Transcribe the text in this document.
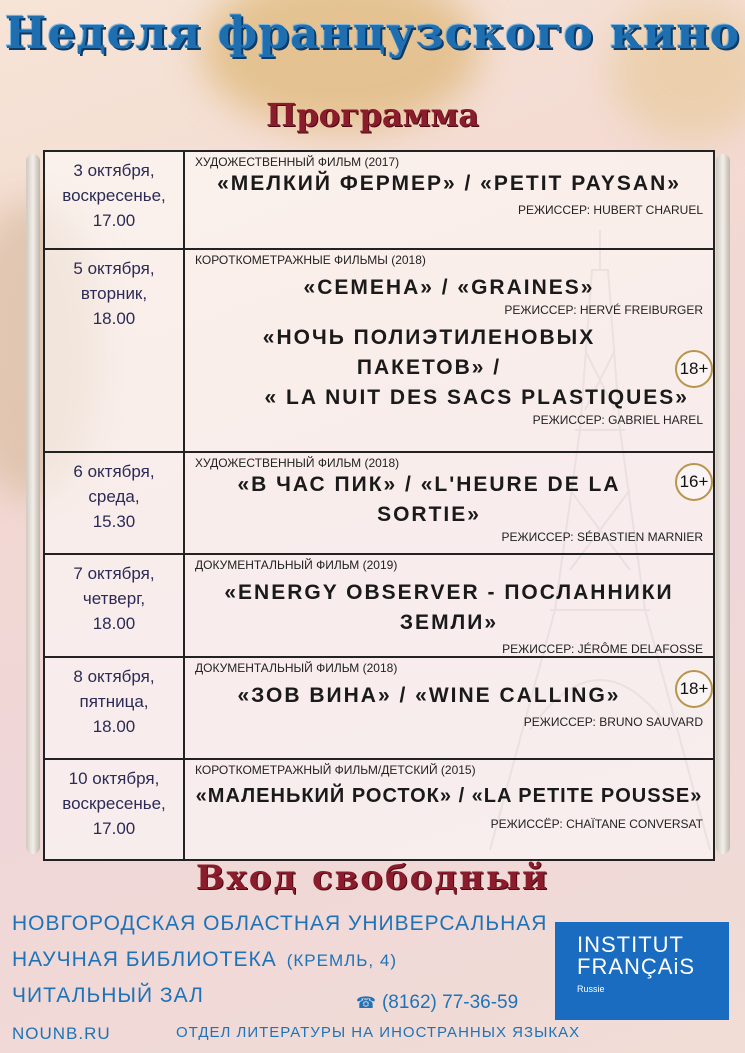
Неделя французского кино
Программа
3 октября,
воскресенье,
17.00
ХУДОЖЕСТВЕННЫЙ ФИЛЬМ (2017)
«МЕЛКИЙ ФЕРМЕР» / «PETIT PAYSAN»
РЕЖИССЕР: HUBERT CHARUEL
5 октября,
вторник,
18.00
КОРОТКОМЕТРАЖНЫЕ ФИЛЬМЫ (2018)
«СЕМЕНА» / «GRAINES»
РЕЖИССЕР: HERVÉ FREIBURGER
«НОЧЬ ПОЛИЭТИЛЕНОВЫХ ПАКЕТОВ» /
« LA NUIT DES SACS PLASTIQUES»
РЕЖИССЕР: GABRIEL HAREL
18+
6 октября,
среда,
15.30
ХУДОЖЕСТВЕННЫЙ ФИЛЬМ (2018)
«В ЧАС ПИК» / «L'HEURE DE LA SORTIE»
РЕЖИССЕР: SÉBASTIEN MARNIER
16+
7 октября,
четверг,
18.00
ДОКУМЕНТАЛЬНЫЙ ФИЛЬМ (2019)
«ENERGY OBSERVER - ПОСЛАННИКИ ЗЕМЛИ»
РЕЖИССЕР: JÉRÔME DELAFOSSE
8 октября,
пятница,
18.00
ДОКУМЕНТАЛЬНЫЙ ФИЛЬМ (2018)
«ЗОВ ВИНА» / «WINE CALLING»
РЕЖИССЕР: BRUNO SAUVARD
18+
10 октября,
воскресенье,
17.00
КОРОТКОМЕТРАЖНЫЙ ФИЛЬМ/ДЕТСКИЙ (2015)
«МАЛЕНЬКИЙ РОСТОК» / «LA PETITE POUSSE»
РЕЖИССЁР: CHAÏTANE CONVERSAT
Вход свободный
НОВГОРОДСКАЯ ОБЛАСТНАЯ УНИВЕРСАЛЬНАЯ
НАУЧНАЯ БИБЛИОТЕКА (КРЕМЛЬ, 4)
ЧИТАЛЬНЫЙ ЗАЛ	☎ (8162) 77-36-59
NOUNB.RU	ОТДЕЛ ЛИТЕРАТУРЫ НА ИНОСТРАННЫХ ЯЗЫКАХ
INSTITUT
FRANÇAiS
Russie
